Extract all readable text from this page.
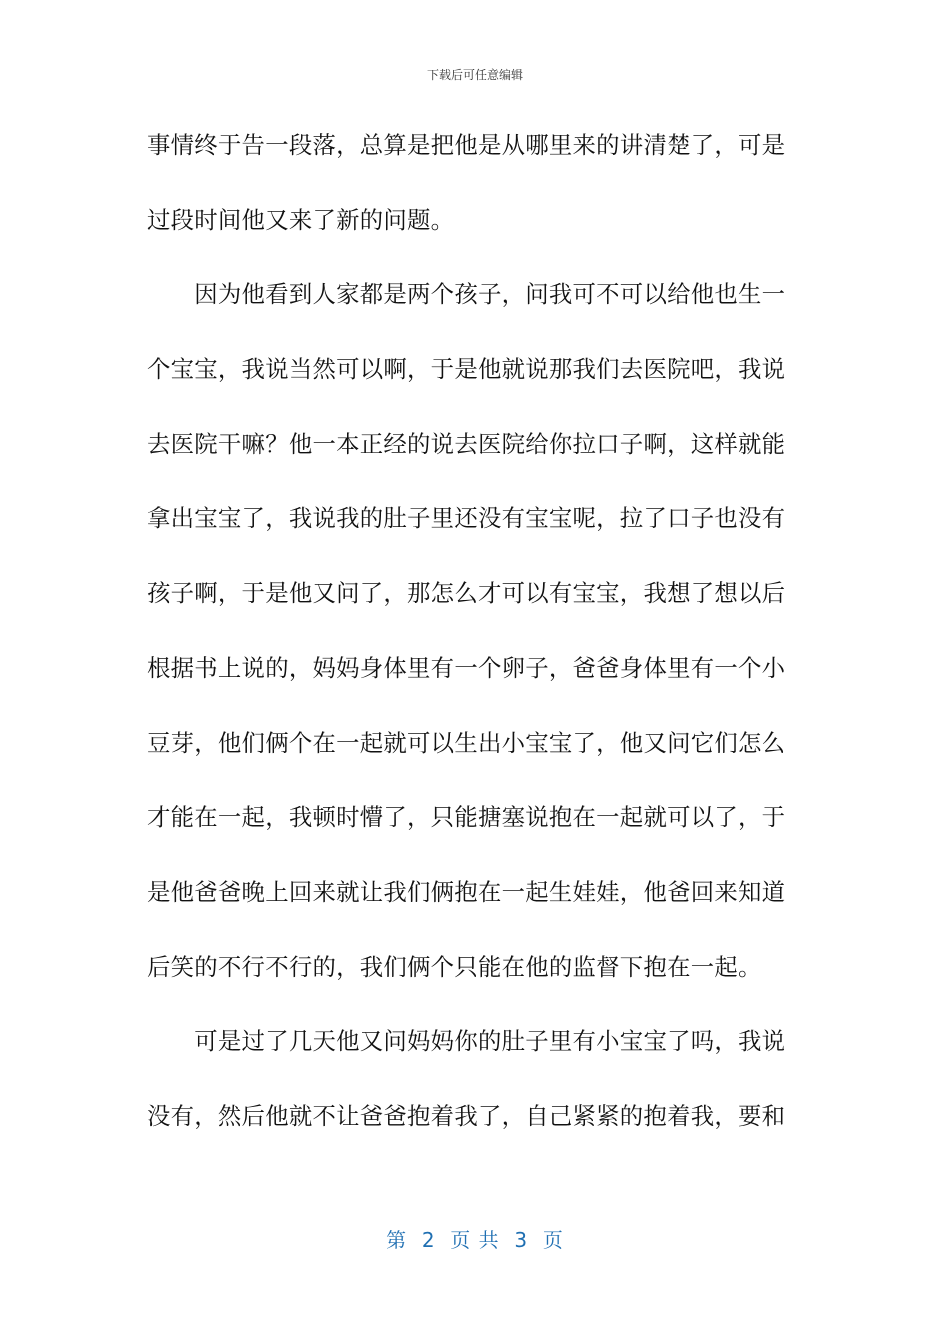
下载后可任意编辑
事情终于告一段落，总算是把他是从哪里来的讲清楚了，可是
过段时间他又来了新的问题。
　　因为他看到人家都是两个孩子，问我可不可以给他也生一
个宝宝，我说当然可以啊，于是他就说那我们去医院吧，我说
去医院干嘛？他一本正经的说去医院给你拉口子啊，这样就能
拿出宝宝了，我说我的肚子里还没有宝宝呢，拉了口子也没有
孩子啊，于是他又问了，那怎么才可以有宝宝，我想了想以后
根据书上说的，妈妈身体里有一个卵子，爸爸身体里有一个小
豆芽，他们俩个在一起就可以生出小宝宝了，他又问它们怎么
才能在一起，我顿时懵了，只能搪塞说抱在一起就可以了，于
是他爸爸晚上回来就让我们俩抱在一起生娃娃，他爸回来知道
后笑的不行不行的，我们俩个只能在他的监督下抱在一起。
　　可是过了几天他又问妈妈你的肚子里有小宝宝了吗，我说
没有，然后他就不让爸爸抱着我了，自己紧紧的抱着我，要和
第  2  页 共  3  页
